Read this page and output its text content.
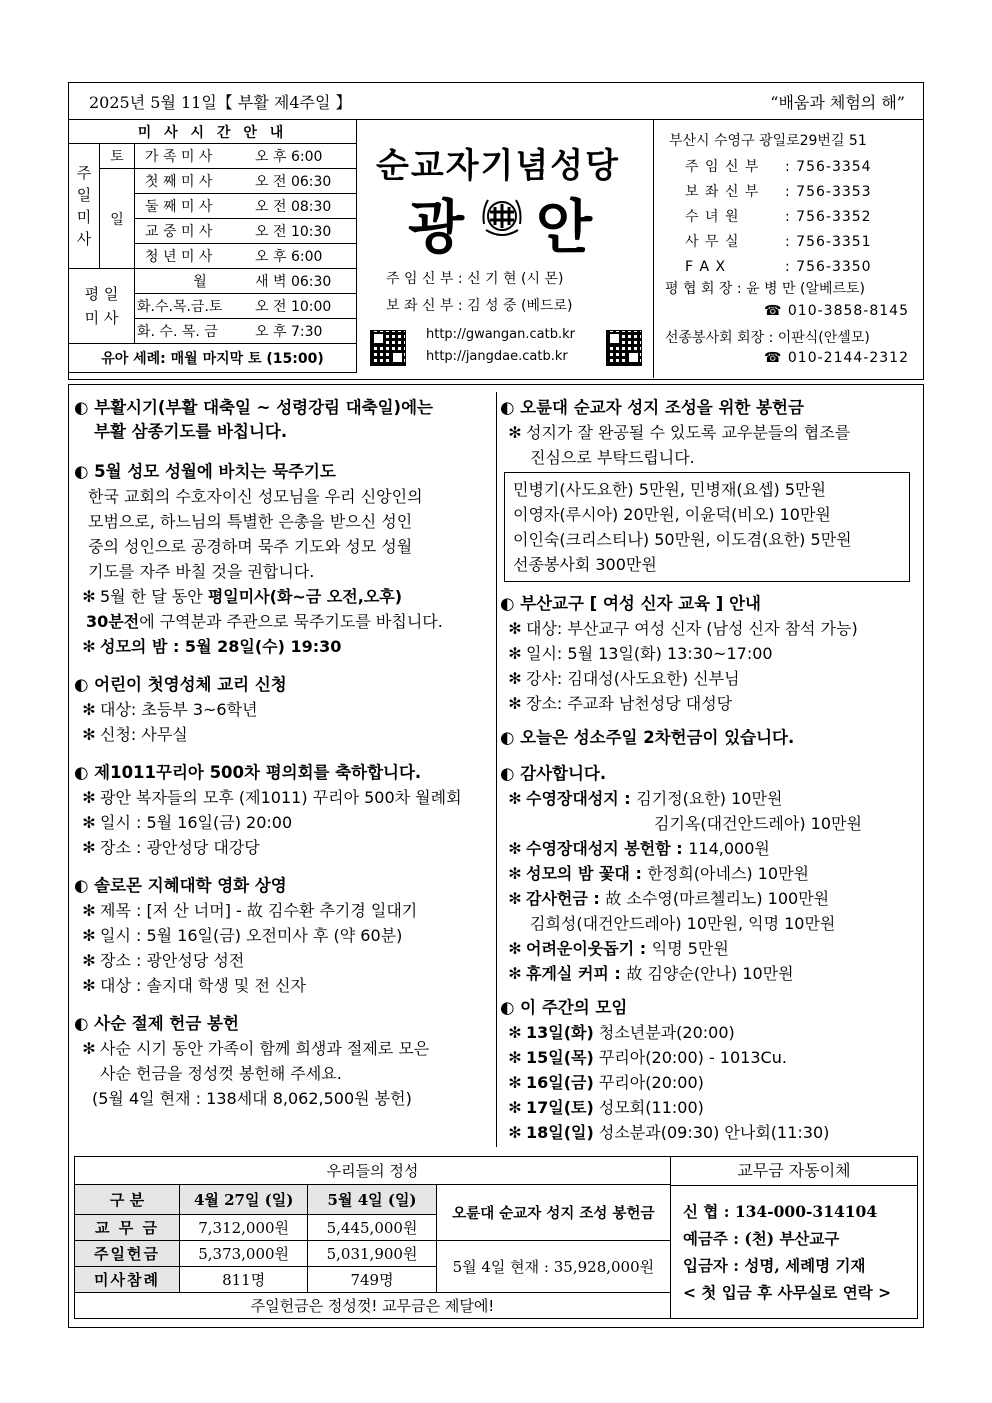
2025년 5월 11일【 부활 제4주일 】	“배움과 체험의 해”
미 사 시 간 안 내		
주
일
미
사	토	가 족 미 사 오 후 6:00
	일	첫 째 미 사 오 전 06:30
		둘 째 미 사 오 전 08:30
		교 중 미 사 오 전 10:30
		청 년 미 사 오 후 6:00
평 일
미 사		월 새 벽 06:30
		화.수.목.금.토 오 전 10:00
		화. 수. 목. 금 오 후 7:30
유아 세례: 매월 마지막 토 (15:00)		
순교자기념성당
광 안
주 임 신 부 : 신 기 현 (시 몬)
보 좌 신 부 : 김 성 중 (베드로)
http://gwangan.catb.kr
http://jangdae.catb.kr
부산시 수영구 광일로29번길 51
주 임 신 부 : 756-3354
보 좌 신 부 : 756-3353
수 녀 원	: 756-3352
사 무 실	: 756-3351
F A X	: 756-3350
평 협 회 장 : 윤 병 만 (알베르토)
☎ 010-3858-8145
선종봉사회 회장 : 이판식(안셀모)
☎ 010-2144-2312
◐ 부활시기(부활 대축일 ~ 성령강림 대축일)에는
부활 삼종기도를 바칩니다.
◐ 5월 성모 성월에 바치는 묵주기도
한국 교회의 수호자이신 성모님을 우리 신앙인의
모범으로, 하느님의 특별한 은총을 받으신 성인
중의 성인으로 공경하며 묵주 기도와 성모 성월
기도를 자주 바칠 것을 권합니다.
✻ 5월 한 달 동안 평일미사(화~금 오전,오후)
30분전에 구역분과 주관으로 묵주기도를 바칩니다.
✻ 성모의 밤 : 5월 28일(수) 19:30
◐ 어린이 첫영성체 교리 신청
✻ 대상: 초등부 3~6학년
✻ 신청: 사무실
◐ 제1011꾸리아 500차 평의회를 축하합니다.
✻ 광안 복자들의 모후 (제1011) 꾸리아 500차 월례회
✻ 일시 : 5월 16일(금) 20:00
✻ 장소 : 광안성당 대강당
◐ 솔로몬 지혜대학 영화 상영
✻ 제목 : [저 산 너머] - 故 김수환 추기경 일대기
✻ 일시 : 5월 16일(금) 오전미사 후 (약 60분)
✻ 장소 : 광안성당 성전
✻ 대상 : 솔지대 학생 및 전 신자
◐ 사순 절제 헌금 봉헌
✻ 사순 시기 동안 가족이 함께 희생과 절제로 모은
사순 헌금을 정성껏 봉헌해 주세요.
(5월 4일 현재 : 138세대 8,062,500원 봉헌)
◐ 오륜대 순교자 성지 조성을 위한 봉헌금
✻ 성지가 잘 완공될 수 있도록 교우분들의 협조를
진심으로 부탁드립니다.
민병기(사도요한) 5만원, 민병재(요셉) 5만원
이영자(루시아) 20만원, 이윤덕(비오) 10만원
이인숙(크리스티나) 50만원, 이도겸(요한) 5만원
선종봉사회 300만원
◐ 부산교구 [ 여성 신자 교육 ] 안내
✻ 대상: 부산교구 여성 신자 (남성 신자 참석 가능)
✻ 일시: 5월 13일(화) 13:30~17:00
✻ 강사: 김대성(사도요한) 신부님
✻ 장소: 주교좌 남천성당 대성당
◐ 오늘은 성소주일 2차헌금이 있습니다.
◐ 감사합니다.
✻ 수영장대성지 : 김기정(요한) 10만원
김기옥(대건안드레아) 10만원
✻ 수영장대성지 봉헌함 : 114,000원
✻ 성모의 밤 꽃대 : 한정희(아네스) 10만원
✻ 감사헌금 : 故 소수영(마르첼리노) 100만원
김희성(대건안드레아) 10만원, 익명 10만원
✻ 어려운이웃돕기 : 익명 5만원
✻ 휴게실 커피 : 故 김양순(안나) 10만원
◐ 이 주간의 모임
✻ 13일(화) 청소년분과(20:00)
✻ 15일(목) 꾸리아(20:00) - 1013Cu.
✻ 16일(금) 꾸리아(20:00)
✻ 17일(토) 성모회(11:00)
✻ 18일(일) 성소분과(09:30) 안나회(11:30)
우리들의 정성				교무금 자동이체
신 협 : 134-000-314104
예금주 : (천) 부산교구
입금자 : 성명, 세례명 기재
< 첫 입금 후 사무실로 연락 >

구 분	4월 27일 (일)	5월 4일 (일)	오륜대 순교자 성지 조성 봉헌금	
교 무 금	7,312,000원	5,445,000원		
주일헌금	5,373,000원	5,031,900원	5월 4일 현재 : 35,928,000원	
미사참례	811명	749명		
주일헌금은 정성껏! 교무금은 제달에!				
